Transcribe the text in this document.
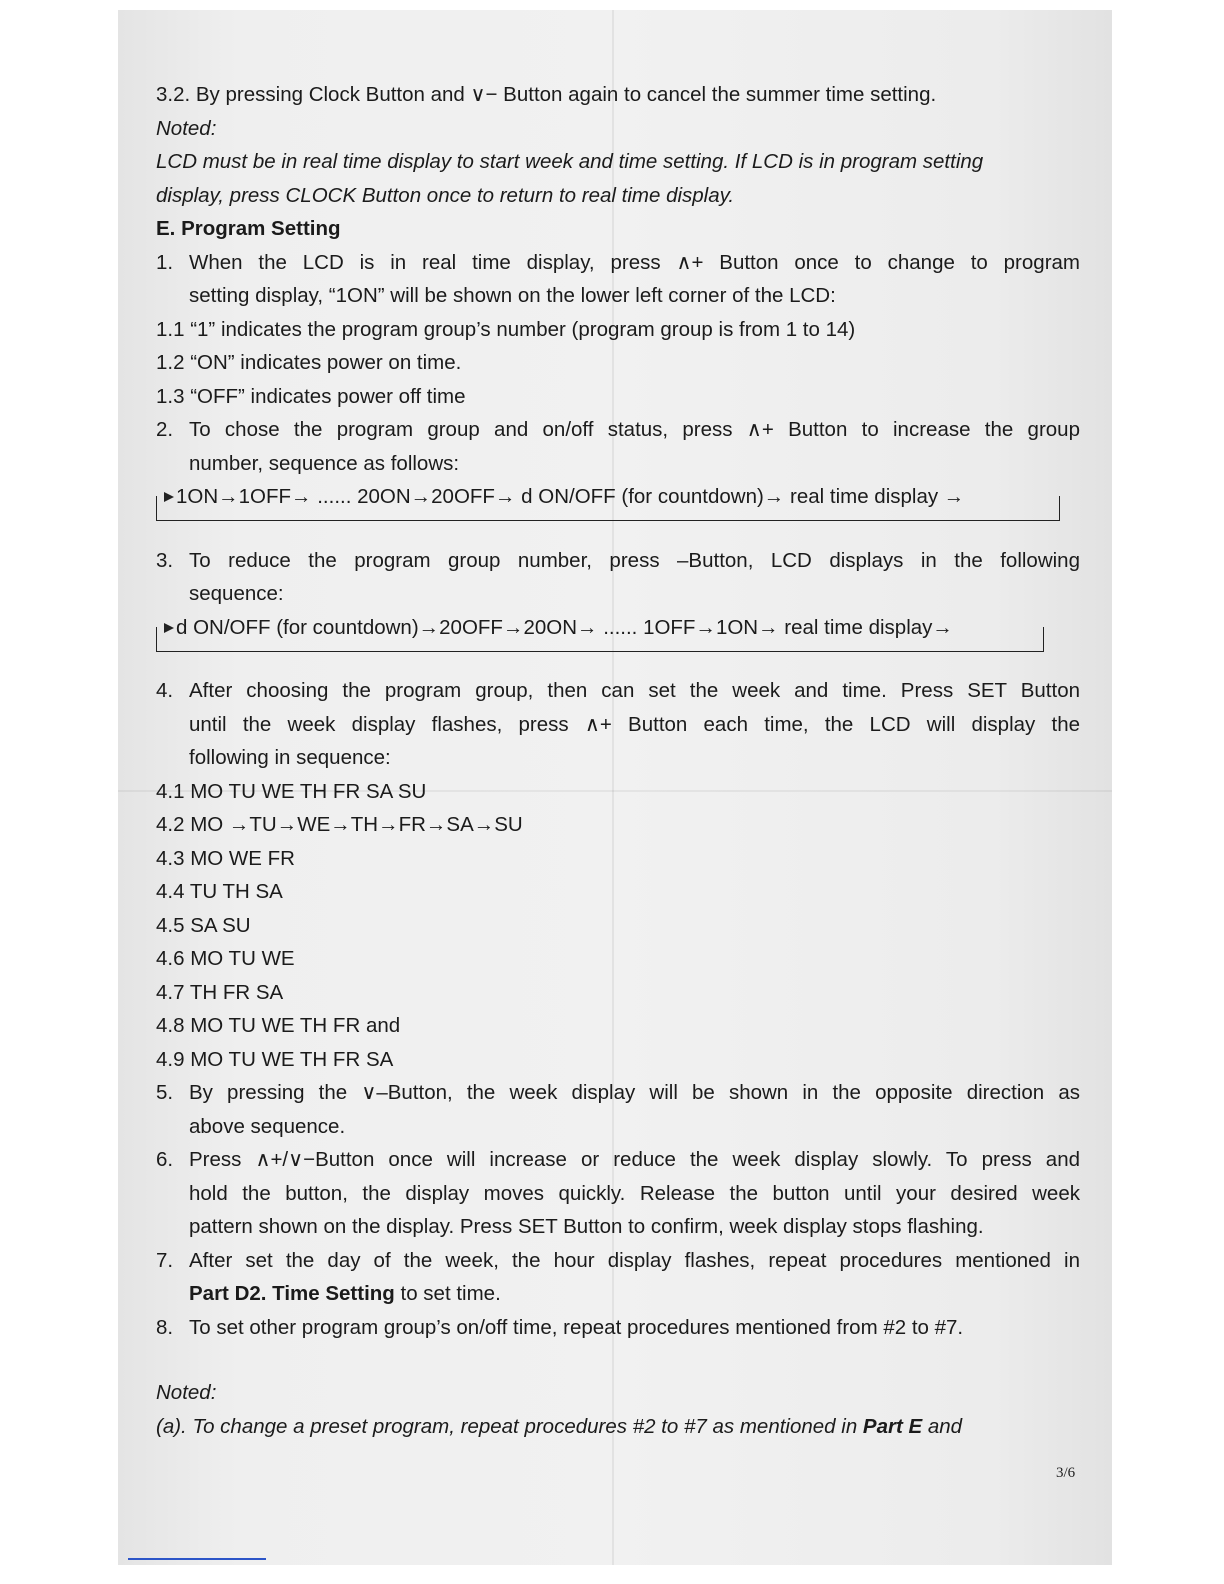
3.2. By pressing Clock Button and ∨− Button again to cancel the summer time setting.
Noted:
LCD must be in real time display to start week and time setting. If LCD is in program setting
display, press CLOCK Button once to return to real time display.
E. Program Setting
1. When the LCD is in real time display, press ∧+ Button once to change to program
setting display, “1ON” will be shown on the lower left corner of the LCD:
1.1 “1” indicates the program group’s number (program group is from 1 to 14)
1.2 “ON” indicates power on time.
1.3 “OFF” indicates power off time
2. To chose the program group and on/off status, press ∧+ Button to increase the group
number, sequence as follows:
1ON→1OFF→ ...... 20ON→20OFF→ d ON/OFF (for countdown)→ real time display →
3. To reduce the program group number, press –Button, LCD displays in the following
sequence:
d ON/OFF (for countdown)→20OFF→20ON→ ...... 1OFF→1ON→ real time display→
4. After choosing the program group, then can set the week and time. Press SET Button
until the week display flashes, press ∧+ Button each time, the LCD will display the
following in sequence:
4.1 MO TU WE TH FR SA SU
4.2 MO →TU→WE→TH→FR→SA→SU
4.3 MO WE FR
4.4 TU TH SA
4.5 SA SU
4.6 MO TU WE
4.7 TH FR SA
4.8 MO TU WE TH FR and
4.9 MO TU WE TH FR SA
5. By pressing the ∨–Button, the week display will be shown in the opposite direction as
above sequence.
6. Press ∧+/∨−Button once will increase or reduce the week display slowly. To press and
hold the button, the display moves quickly. Release the button until your desired week
pattern shown on the display. Press SET Button to confirm, week display stops flashing.
7. After set the day of the week, the hour display flashes, repeat procedures mentioned in
Part D2. Time Setting to set time.
8. To set other program group’s on/off time, repeat procedures mentioned from #2 to #7.
Noted:
(a). To change a preset program, repeat procedures #2 to #7 as mentioned in Part E and
3/6
